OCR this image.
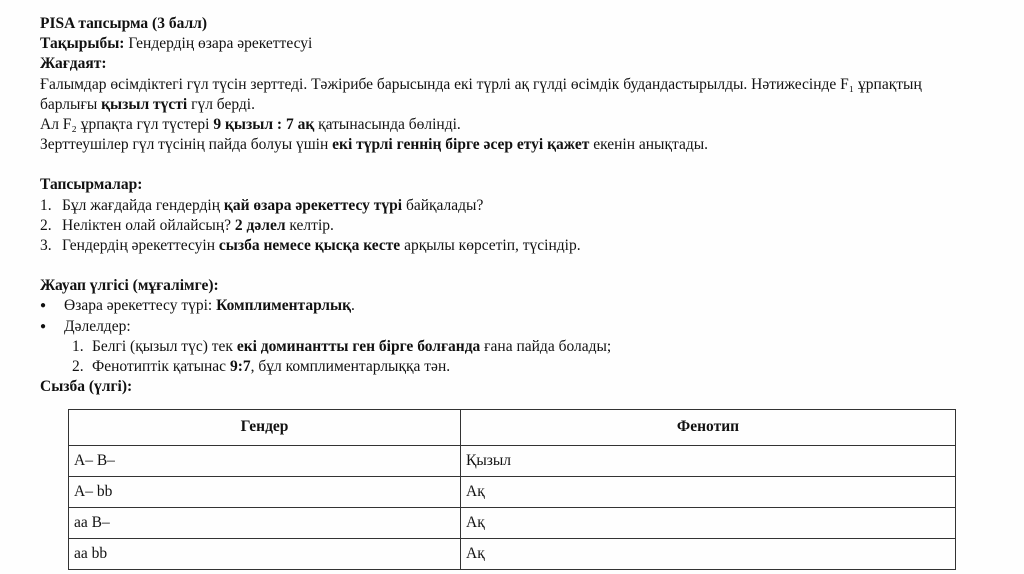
PISA тапсырма (3 балл)
Тақырыбы: Гендердің өзара әрекеттесуі
Жағдаят:
Ғалымдар өсімдіктегі гүл түсін зерттеді. Тәжірибе барысында екі түрлі ақ гүлді өсімдік будандастырылды. Нәтижесінде F₁ ұрпақтың
барлығы қызыл түсті гүл берді.
Ал F₂ ұрпақта гүл түстері 9 қызыл : 7 ақ қатынасында бөлінді.
Зерттеушілер гүл түсінің пайда болуы үшін екі түрлі геннің бірге әсер етуі қажет екенін анықтады.
Тапсырмалар:
1. Бұл жағдайда гендердің қай өзара әрекеттесу түрі байқалады?
2. Неліктен олай ойлайсың? 2 дәлел келтір.
3. Гендердің әрекеттесуін сызба немесе қысқа кесте арқылы көрсетіп, түсіндір.
Жауап үлгісі (мұғалімге):
● Өзара әрекеттесу түрі: Комплиментарлық.
● Дәлелдер:
1. Белгі (қызыл түс) тек екі доминантты ген бірге болғанда ғана пайда болады;
2. Фенотиптік қатынас 9:7, бұл комплиментарлыққа тән.
Сызба (үлгі):
Гендер	Фенотип
A– B–	Қызыл
A– bb	Ақ
aa B–	Ақ
aa bb	Ақ
